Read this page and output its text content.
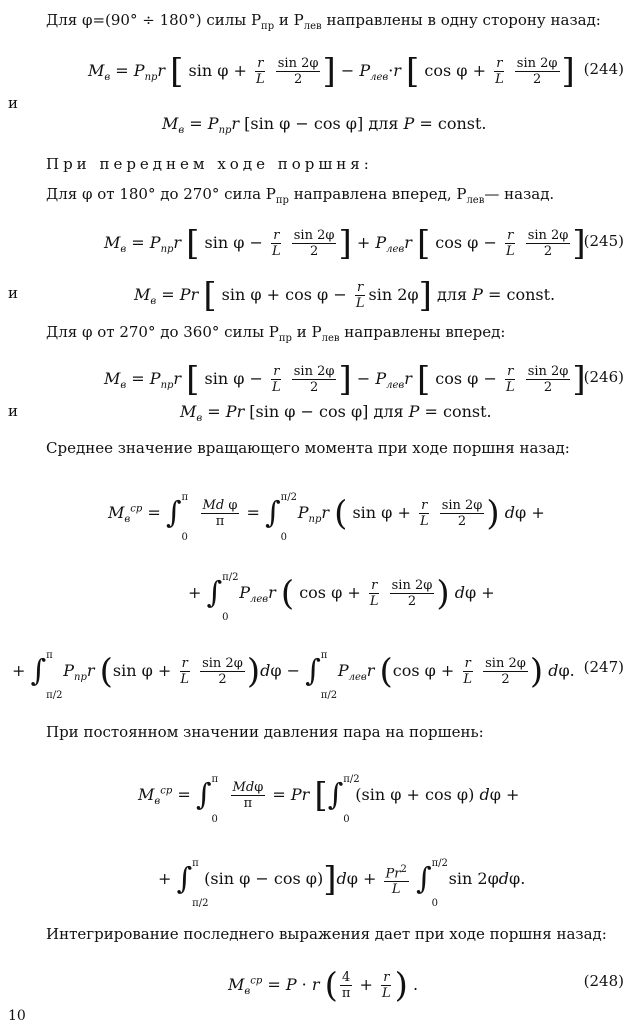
Для φ=(90° ÷ 180°) силы $P_{пр}$ и $P_{лев}$ направлены в одну сторону назад:
$M_в = P_{пр}r$ [ $\sin \varphi + \frac{r}{L}$
$\frac{\sin 2\varphi}{2}$ ] − $P_{лев}\cdot r$ [ $\cos \varphi + \frac{r}{L}$
$\frac{\sin 2\varphi}{2}$ ] (244)
и
$M_в = P_{пр}r$ [sin φ − cos φ] для P = const.
При переднем ходе поршня:
Для φ от 180° до 270° сила $P_{пр}$ направлена вперед, $P_{лев}—$ назад.
$M_в = P_{пр}r$ [ $\sin \varphi - \frac{r}{L}$
$\frac{\sin 2\varphi}{2}$ ] + $P_{лев}r$ [ $\cos \varphi - \frac{r}{L}$
$\frac{\sin 2\varphi}{2}$ ]
(245)
и	$M_в = Pr$ [ $\sin \varphi + \cos \varphi - \frac{r}{L}$ sin 2φ] для P = const.
Для φ от 270° до 360° силы $P_{пр}$ и $P_{лев}$ направлены вперед:
$M_в = P_{пр}r$ [ $\sin \varphi - \frac{r}{L}$
$\frac{\sin 2\varphi}{2}$ ] − $P_{лев}r$ [ $\cos \varphi - \frac{r}{L}$
$\frac{\sin 2\varphi}{2}$ ]
(246)
и	$M_в = Pr$ [sin φ − cos φ] для P = const.
Среднее значение вращающего момента при ходе поршня назад:
$M_в^{ср}$ = ∫ π
0

$\frac{\text{Md φ}}{\pi}$ = ∫ π/2
0
$P_{пр}r$ ( $\sin \varphi + \frac{r}{L}$
$\frac{\sin 2\varphi}{2}$ ) dφ +
+ ∫ π/2
0
$P_{лев}r$ ( $\cos \varphi + \frac{r}{L}$
$\frac{\sin 2\varphi}{2}$ ) dφ +
+ ∫ π
π/2
$P_{пр}r$ (sin $\varphi + \frac{r}{L}$
$\frac{\sin 2\varphi}{2} )d\varphi$ − ∫ π
π/2
$P_{лев}r$ (cos $\varphi + \frac{r}{L}$
$\frac{\sin 2\varphi}{2}$ ) dφ. (247)
При постоянном значении давления пара на поршень:
$M_в^{ср}$ = ∫ π
0

$\frac{\text{Mdφ}}{\pi} = Pr$ [∫ π/2
0
(sin φ + cos φ) dφ +
+ ∫ π
π/2
(sin $\varphi - \cos \varphi)]d\varphi + \frac{Pr^2}{L}$ ∫ π/2
0
sin 2φdφ.
Интегрирование последнего выражения дает при ходе поршня назад:
$M_в^{ср} = P \cdot r$ ( $\frac{4}{\pi} + \frac{r}{L}$ ) .	(248)
10
